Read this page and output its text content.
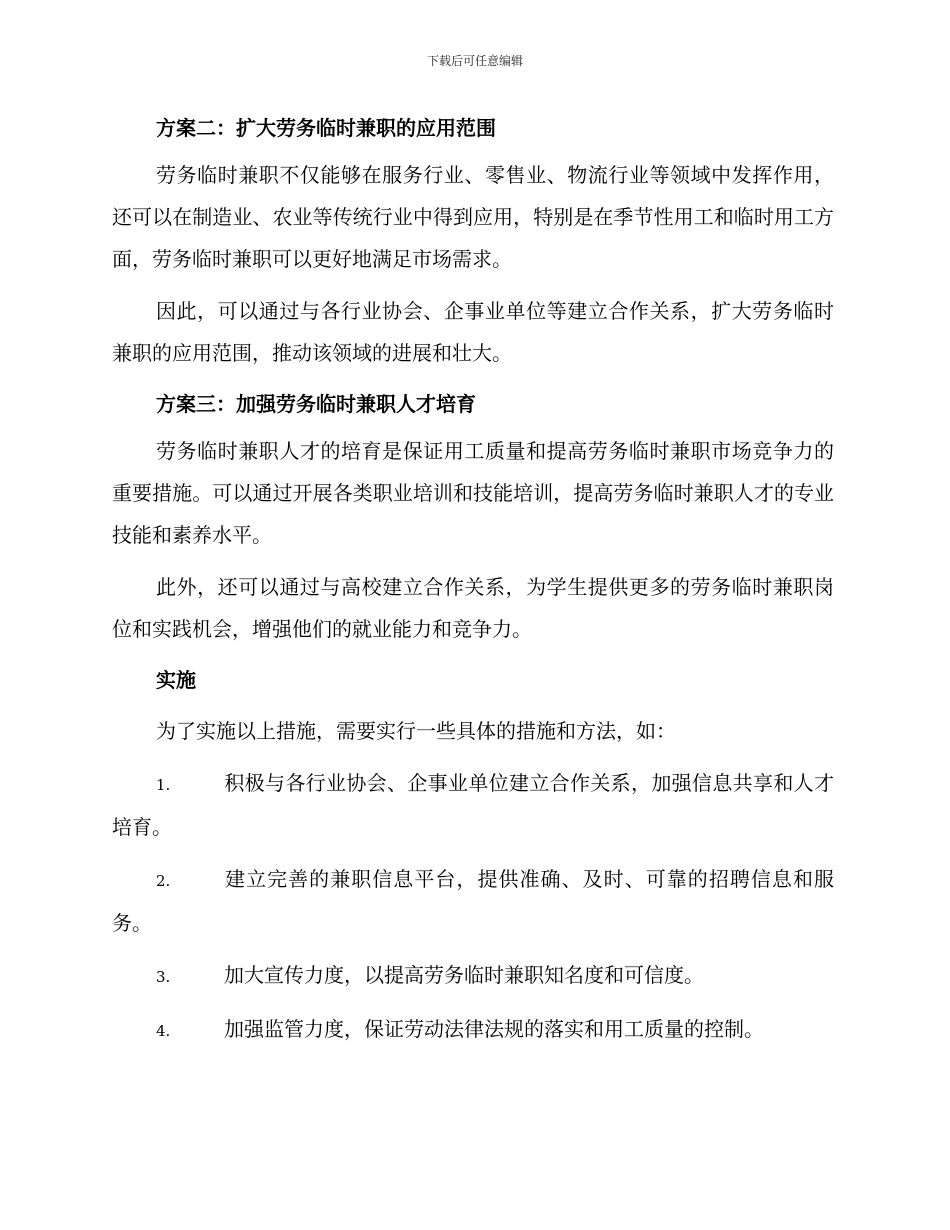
下载后可任意编辑
方案二：扩大劳务临时兼职的应用范围

劳务临时兼职不仅能够在服务行业、零售业、物流行业等领域中发挥作用，还可以在制造业、农业等传统行业中得到应用，特别是在季节性用工和临时用工方面，劳务临时兼职可以更好地满足市场需求。

因此，可以通过与各行业协会、企事业单位等建立合作关系，扩大劳务临时兼职的应用范围，推动该领域的进展和壮大。

方案三：加强劳务临时兼职人才培育

劳务临时兼职人才的培育是保证用工质量和提高劳务临时兼职市场竞争力的重要措施。可以通过开展各类职业培训和技能培训，提高劳务临时兼职人才的专业技能和素养水平。

此外，还可以通过与高校建立合作关系，为学生提供更多的劳务临时兼职岗位和实践机会，增强他们的就业能力和竞争力。

实施

为了实施以上措施，需要实行一些具体的措施和方法，如：

1.	积极与各行业协会、企事业单位建立合作关系，加强信息共享和人才培育。

2.	建立完善的兼职信息平台，提供准确、及时、可靠的招聘信息和服务。

3.	加大宣传力度，以提高劳务临时兼职知名度和可信度。

4.	加强监管力度，保证劳动法律法规的落实和用工质量的控制。
